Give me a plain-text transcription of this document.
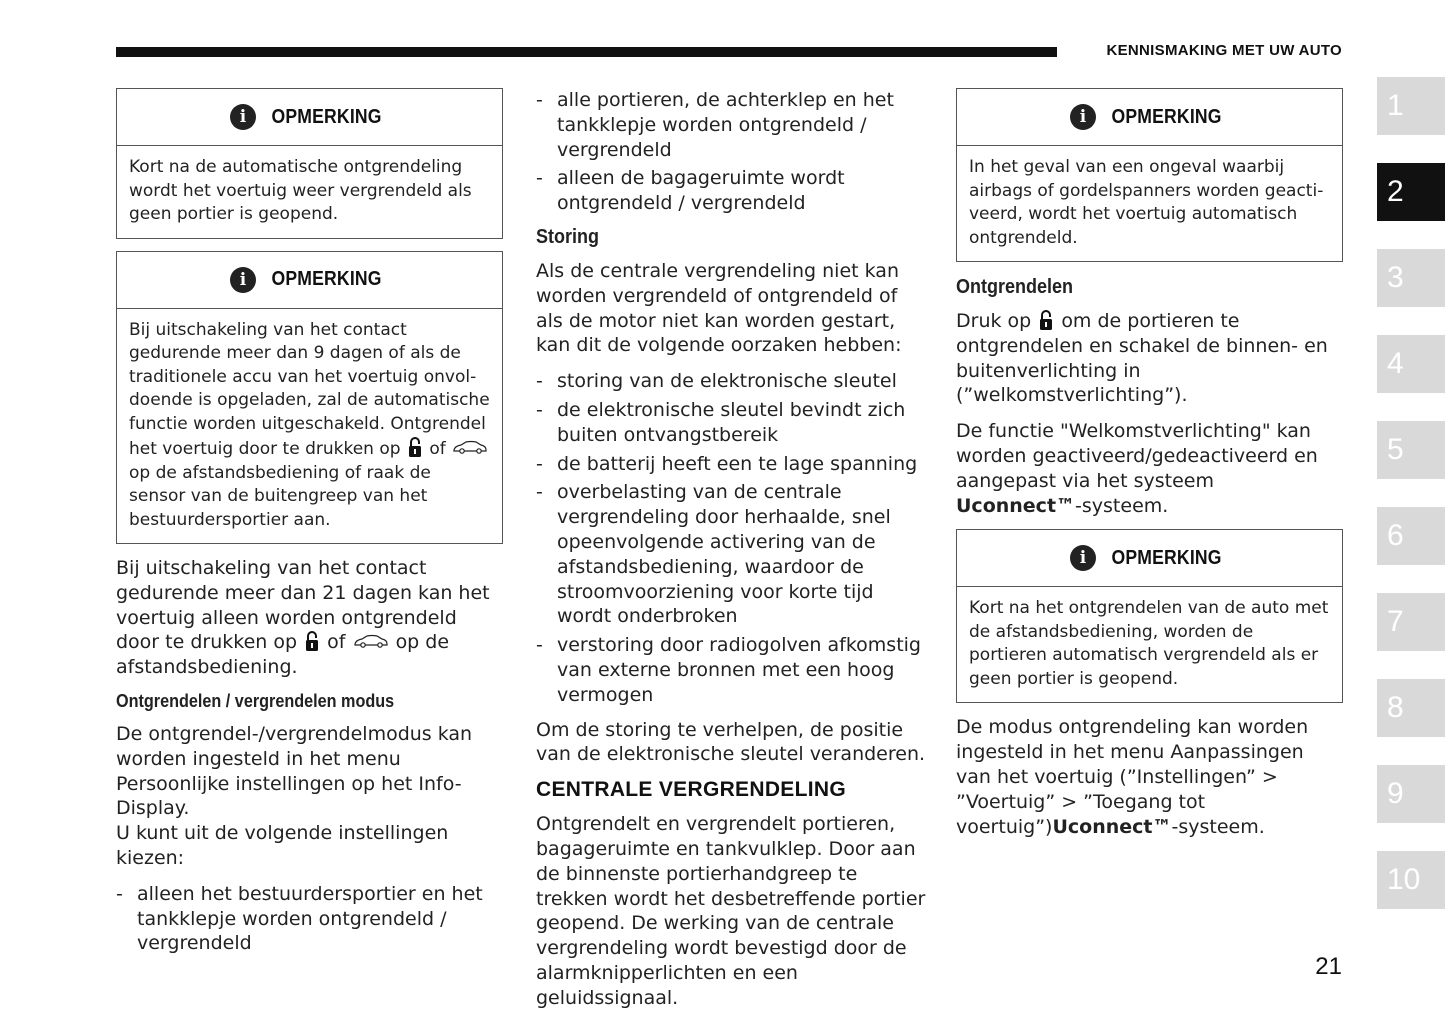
KENNISMAKING MET UW AUTO
i	OPMERKING
Kort na de automatische ontgrendeling wordt het voertuig weer vergrendeld als geen portier is geopend.
i	OPMERKING
Bij uitschakeling van het contact gedurende meer dan 9 dagen of als de traditionele accu van het voertuig onvoldoende is opgeladen, zal de automatische functie worden uitgeschakeld. Ontgrendel het voertuig door te drukken op of
op de afstandsbediening of raak de sensor van de buitengreep van het bestuurdersportier aan.

Bij uitschakeling van het contact gedurende meer dan 21 dagen kan het voertuig alleen worden ontgrendeld door te drukken op of	op de afstandsbediening.

Ontgrendelen / vergrendelen modus

De ontgrendel-/vergrendelmodus kan worden ingesteld in het menu Persoonlijke instellingen op het Info-Display.

U kunt uit de volgende instellingen kiezen:

- alleen het bestuurdersportier en het tankklepje worden ontgrendeld / vergrendeld
- alle portieren, de achterklep en het tankklepje worden ontgrendeld / vergrendeld
- alleen de bagageruimte wordt ontgrendeld / vergrendeld
Storing

Als de centrale vergrendeling niet kan worden vergrendeld of ontgrendeld of als de motor niet kan worden gestart, kan dit de volgende oorzaken hebben:

- storing van de elektronische sleutel
- de elektronische sleutel bevindt zich buiten ontvangstbereik
- de batterij heeft een te lage spanning
- overbelasting van de centrale vergrendeling door herhaalde, snel opeenvolgende activering van de afstandsbediening, waardoor de stroomvoorziening voor korte tijd wordt onderbroken
- verstoring door radiogolven afkomstig van externe bronnen met een hoog vermogen

Om de storing te verhelpen, de positie van de elektronische sleutel veranderen.

CENTRALE VERGRENDELING

Ontgrendelt en vergrendelt portieren, bagageruimte en tankvulklep. Door aan de binnenste portierhandgreep te trekken wordt het desbetreffende portier geopend. De werking van de centrale vergrendeling wordt bevestigd door de alarmknipperlichten en een geluidssignaal.

i	OPMERKING
In het geval van een ongeval waarbij airbags of gordelspanners worden geactiveerd, wordt het voertuig automatisch ontgrendeld.
Ontgrendelen

Druk op om de portieren te ontgrendelen en schakel de binnen- en buitenverlichting in (”welkomstverlichting”).

De functie "Welkomstverlichting" kan worden geactiveerd/gedeactiveerd en aangepast via het systeem Uconnect™-systeem.

i	OPMERKING
Kort na het ontgrendelen van de auto met de afstandsbediening, worden de portieren automatisch vergrendeld als er geen portier is geopend.

De modus ontgrendeling kan worden ingesteld in het menu Aanpassingen van het voertuig (”Instellingen” > ”Voertuig” > ”Toegang tot voertuig”)Uconnect™-systeem.

1
2
3
4
5
6
7
8
9
10
21
